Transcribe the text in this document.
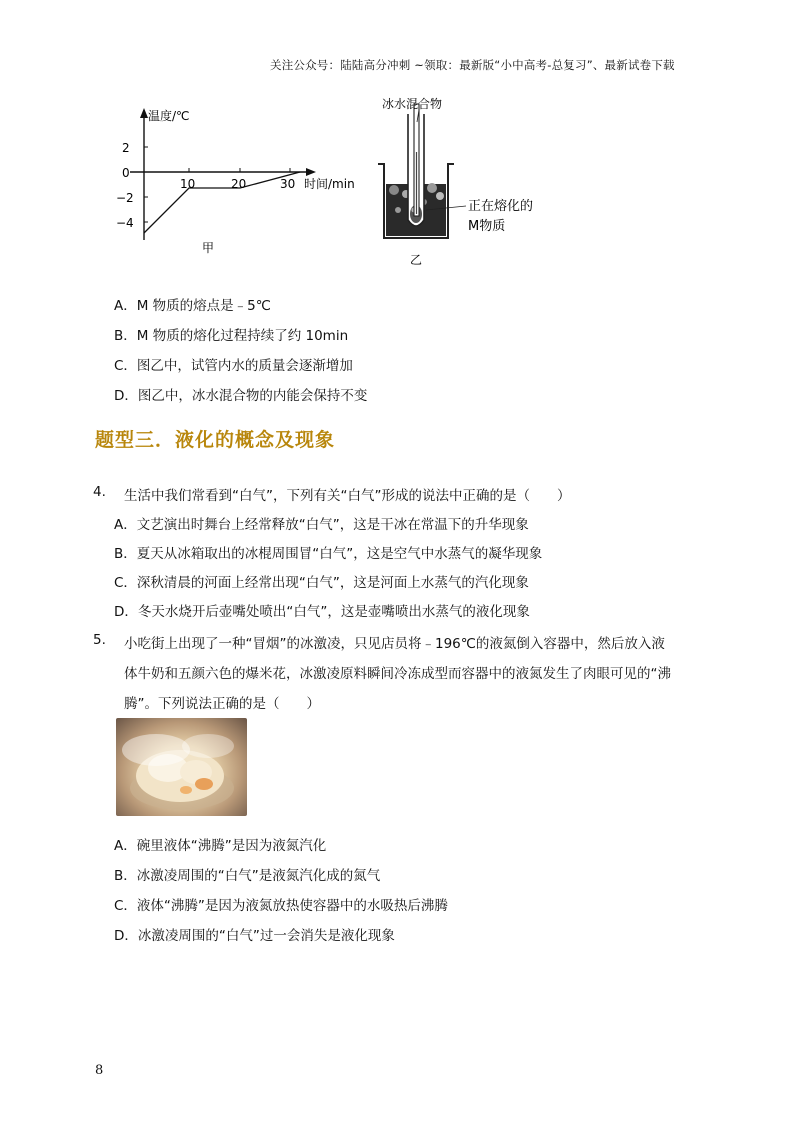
关注公众号：陆陆高分冲刺 ~领取：最新版“小中高考-总复习”、最新试卷下载
温度/℃
2
0
−2
−4
10	20	30 时间/min
甲
冰水混合物
正在熔化的
M物质
乙
A．M 物质的熔点是﹣5℃
B．M 物质的熔化过程持续了约 10min
C．图乙中，试管内水的质量会逐渐增加
D．图乙中，冰水混合物的内能会保持不变
题型三．液化的概念及现象
4. 生活中我们常看到“白气”，下列有关“白气”形成的说法中正确的是（　　）
A．文艺演出时舞台上经常释放“白气”，这是干冰在常温下的升华现象
B．夏天从冰箱取出的冰棍周围冒“白气”，这是空气中水蒸气的凝华现象
C．深秋清晨的河面上经常出现“白气”，这是河面上水蒸气的汽化现象
D．冬天水烧开后壶嘴处喷出“白气”，这是壶嘴喷出水蒸气的液化现象
5. 小吃街上出现了一种“冒烟”的冰激凌，只见店员将﹣196℃的液氮倒入容器中，然后放入液
体牛奶和五颜六色的爆米花，冰激凌原料瞬间冷冻成型而容器中的液氮发生了肉眼可见的“沸
腾”。下列说法正确的是（　　）
A．碗里液体“沸腾”是因为液氮汽化
B．冰激凌周围的“白气”是液氮汽化成的氮气
C．液体“沸腾”是因为液氮放热使容器中的水吸热后沸腾
D．冰激凌周围的“白气”过一会消失是液化现象
8
